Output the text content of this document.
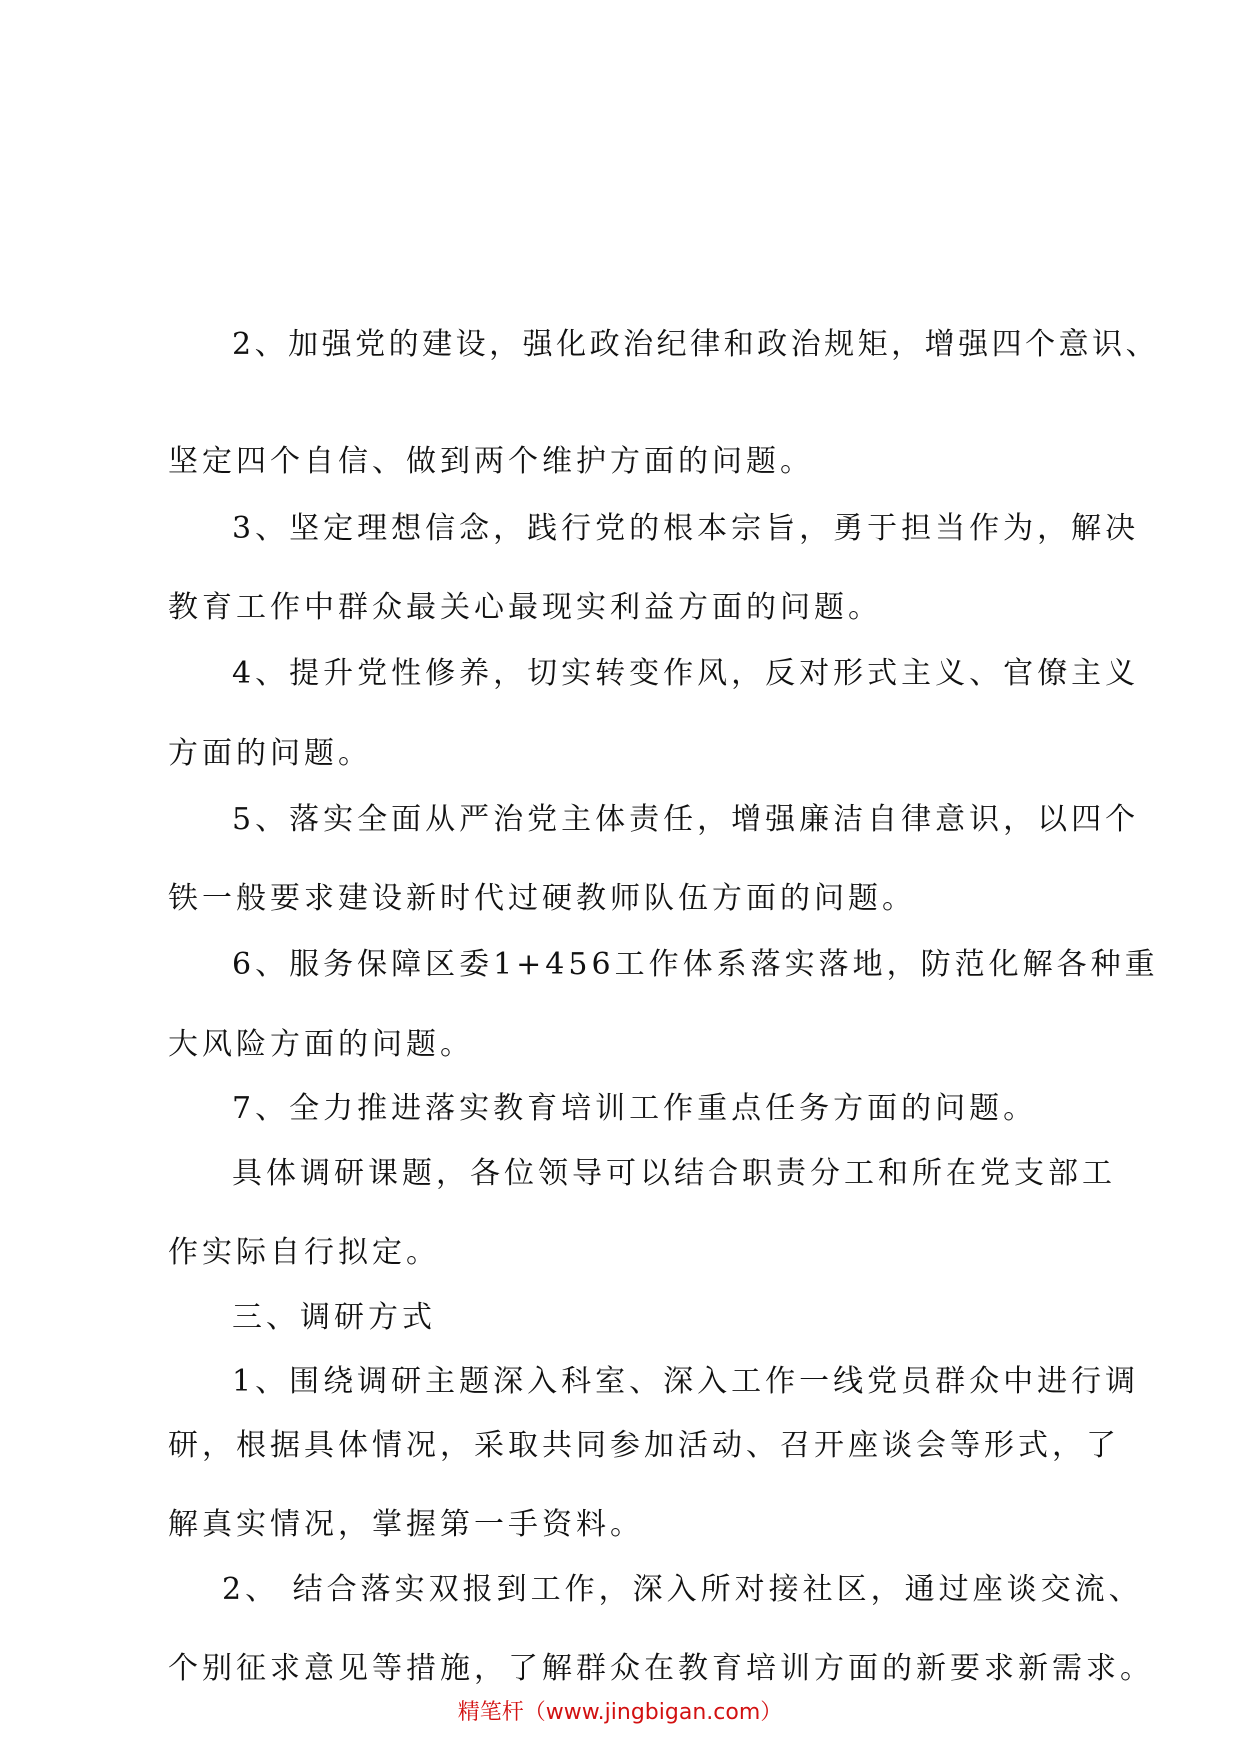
2、加强党的建设，强化政治纪律和政治规矩，增强四个意识、
坚定四个自信、做到两个维护方面的问题。
3、坚定理想信念，践行党的根本宗旨，勇于担当作为，解决
教育工作中群众最关心最现实利益方面的问题。
4、提升党性修养，切实转变作风，反对形式主义、官僚主义
方面的问题。
5、落实全面从严治党主体责任，增强廉洁自律意识，以四个
铁一般要求建设新时代过硬教师队伍方面的问题。
6、服务保障区委1+456工作体系落实落地，防范化解各种重
大风险方面的问题。
7、全力推进落实教育培训工作重点任务方面的问题。
具体调研课题，各位领导可以结合职责分工和所在党支部工
作实际自行拟定。
三、调研方式
1、围绕调研主题深入科室、深入工作一线党员群众中进行调
研，根据具体情况，采取共同参加活动、召开座谈会等形式，了
解真实情况，掌握第一手资料。
2、 结合落实双报到工作，深入所对接社区，通过座谈交流、
个别征求意见等措施，了解群众在教育培训方面的新要求新需求。
精笔杆（www.jingbigan.com）
